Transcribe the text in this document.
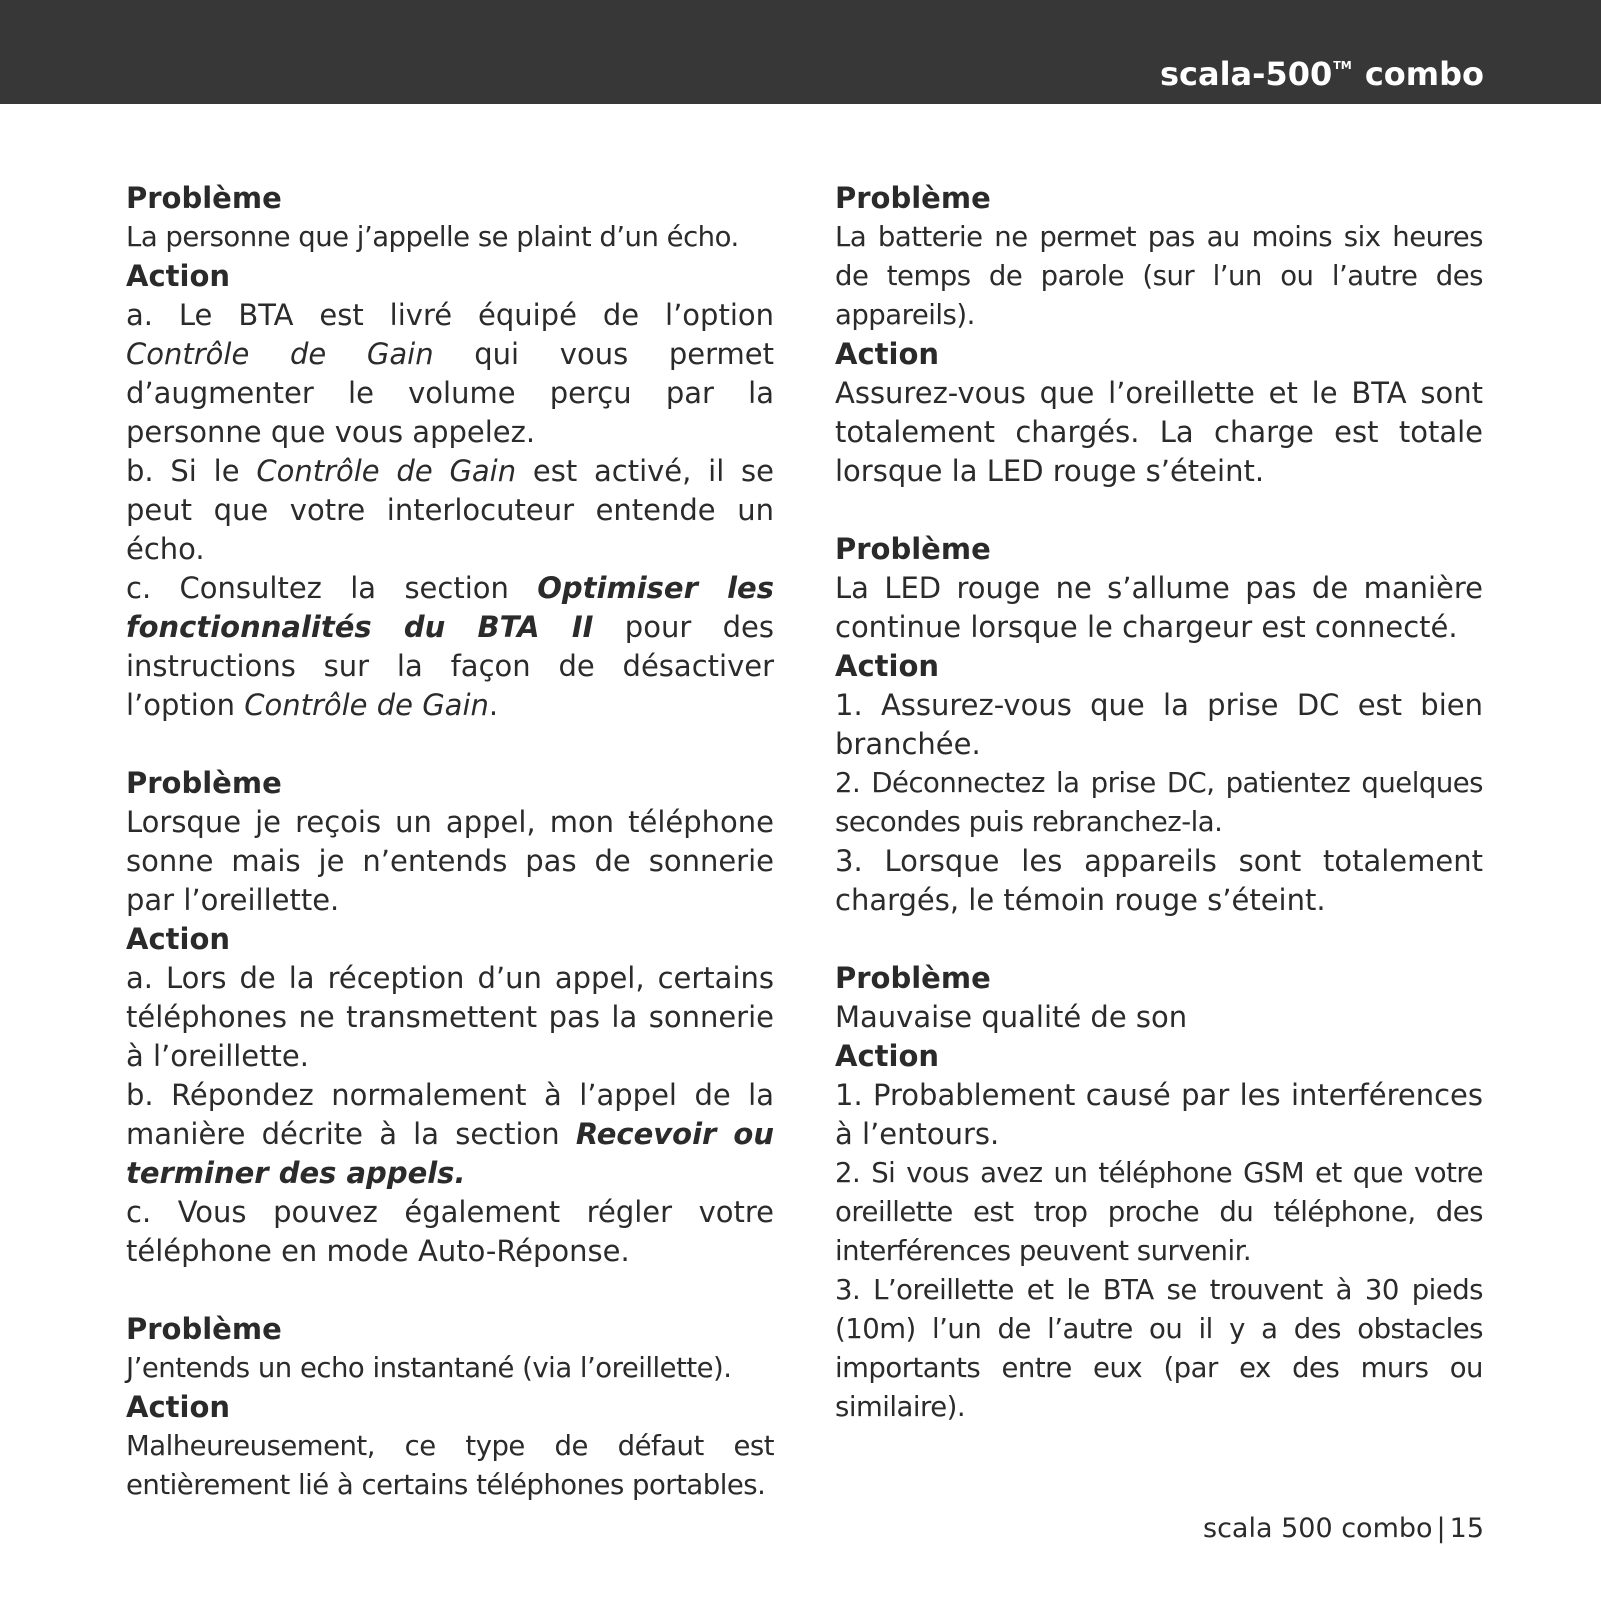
scala-500™ combo
Problème
La personne que j’appelle se plaint d’un écho.
Action
a. Le BTA est livré équipé de l’option Contrôle de Gain qui vous permet d’augmenter le volume perçu par la personne que vous appelez.
b. Si le Contrôle de Gain est activé, il se peut que votre interlocuteur entende un écho.
c. Consultez la section Optimiser les fonctionnalités du BTA II pour des instructions sur la façon de désactiver l’option Contrôle de Gain.
Problème
Lorsque je reçois un appel, mon téléphone sonne mais je n’entends pas de sonnerie par l’oreillette.
Action
a. Lors de la réception d’un appel, certains téléphones ne transmettent pas la sonnerie à l’oreillette.
b. Répondez normalement à l’appel de la manière décrite à la section Recevoir ou terminer des appels.
c. Vous pouvez également régler votre téléphone en mode Auto-Réponse.
Problème
J’entends un echo instantané (via l’oreillette).
Action
Malheureusement, ce type de défaut est entièrement lié à certains téléphones portables.
Problème
La batterie ne permet pas au moins six heures de temps de parole (sur l’un ou l’autre des appareils).
Action
Assurez-vous que l’oreillette et le BTA sont totalement chargés. La charge est totale lorsque la LED rouge s’éteint.
Problème
La LED rouge ne s’allume pas de manière continue lorsque le chargeur est connecté.
Action
1. Assurez-vous que la prise DC est bien branchée.
2. Déconnectez la prise DC, patientez quelques secondes puis rebranchez-la.
3. Lorsque les appareils sont totalement chargés, le témoin rouge s’éteint.
Problème
Mauvaise qualité de son
Action
1. Probablement causé par les interférences à l’entours.
2. Si vous avez un téléphone GSM et que votre oreillette est trop proche du téléphone, des interférences peuvent survenir.
3. L’oreillette et le BTA se trouvent à 30 pieds (10m) l’un de l’autre ou il y a des obstacles importants entre eux (par ex des murs ou similaire).
scala 500 combo | 15
